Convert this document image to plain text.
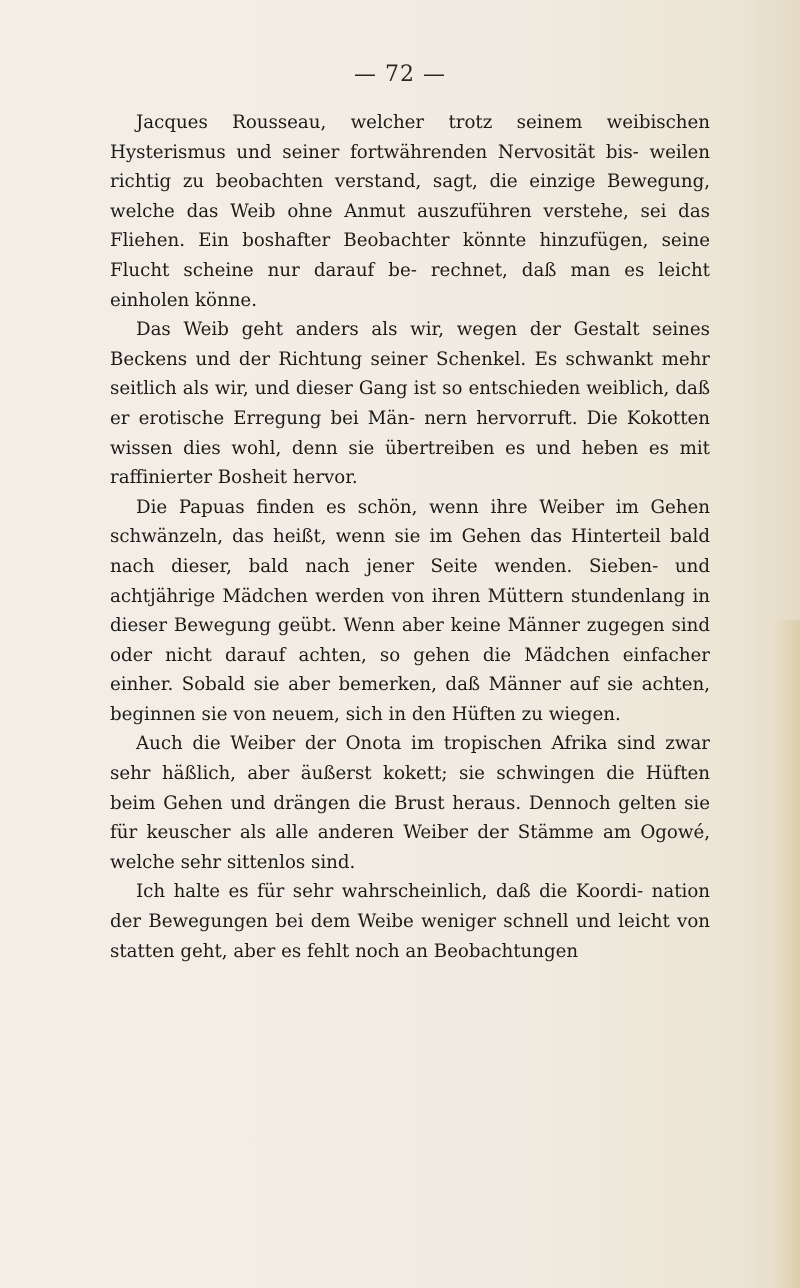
— 72 —

Jacques Rousseau, welcher trotz seinem weibischen Hysterismus und seiner fortwährenden Nervosität bis- weilen richtig zu beobachten verstand, sagt, die einzige Bewegung, welche das Weib ohne Anmut auszuführen verstehe, sei das Fliehen. Ein boshafter Beobachter könnte hinzufügen, seine Flucht scheine nur darauf be- rechnet, daß man es leicht einholen könne.

Das Weib geht anders als wir, wegen der Gestalt seines Beckens und der Richtung seiner Schenkel. Es schwankt mehr seitlich als wir, und dieser Gang ist so entschieden weiblich, daß er erotische Erregung bei Män- nern hervorruft. Die Kokotten wissen dies wohl, denn sie übertreiben es und heben es mit raffinierter Bosheit hervor.

Die Papuas finden es schön, wenn ihre Weiber im Gehen schwänzeln, das heißt, wenn sie im Gehen das Hinterteil bald nach dieser, bald nach jener Seite wenden. Sieben- und achtjährige Mädchen werden von ihren Müttern stundenlang in dieser Bewegung geübt. Wenn aber keine Männer zugegen sind oder nicht darauf achten, so gehen die Mädchen einfacher einher. Sobald sie aber bemerken, daß Männer auf sie achten, beginnen sie von neuem, sich in den Hüften zu wiegen.

Auch die Weiber der Onota im tropischen Afrika sind zwar sehr häßlich, aber äußerst kokett; sie schwingen die Hüften beim Gehen und drängen die Brust heraus. Dennoch gelten sie für keuscher als alle anderen Weiber der Stämme am Ogowé, welche sehr sittenlos sind.

Ich halte es für sehr wahrscheinlich, daß die Koordi- nation der Bewegungen bei dem Weibe weniger schnell und leicht von statten geht, aber es fehlt noch an Beobachtungen
